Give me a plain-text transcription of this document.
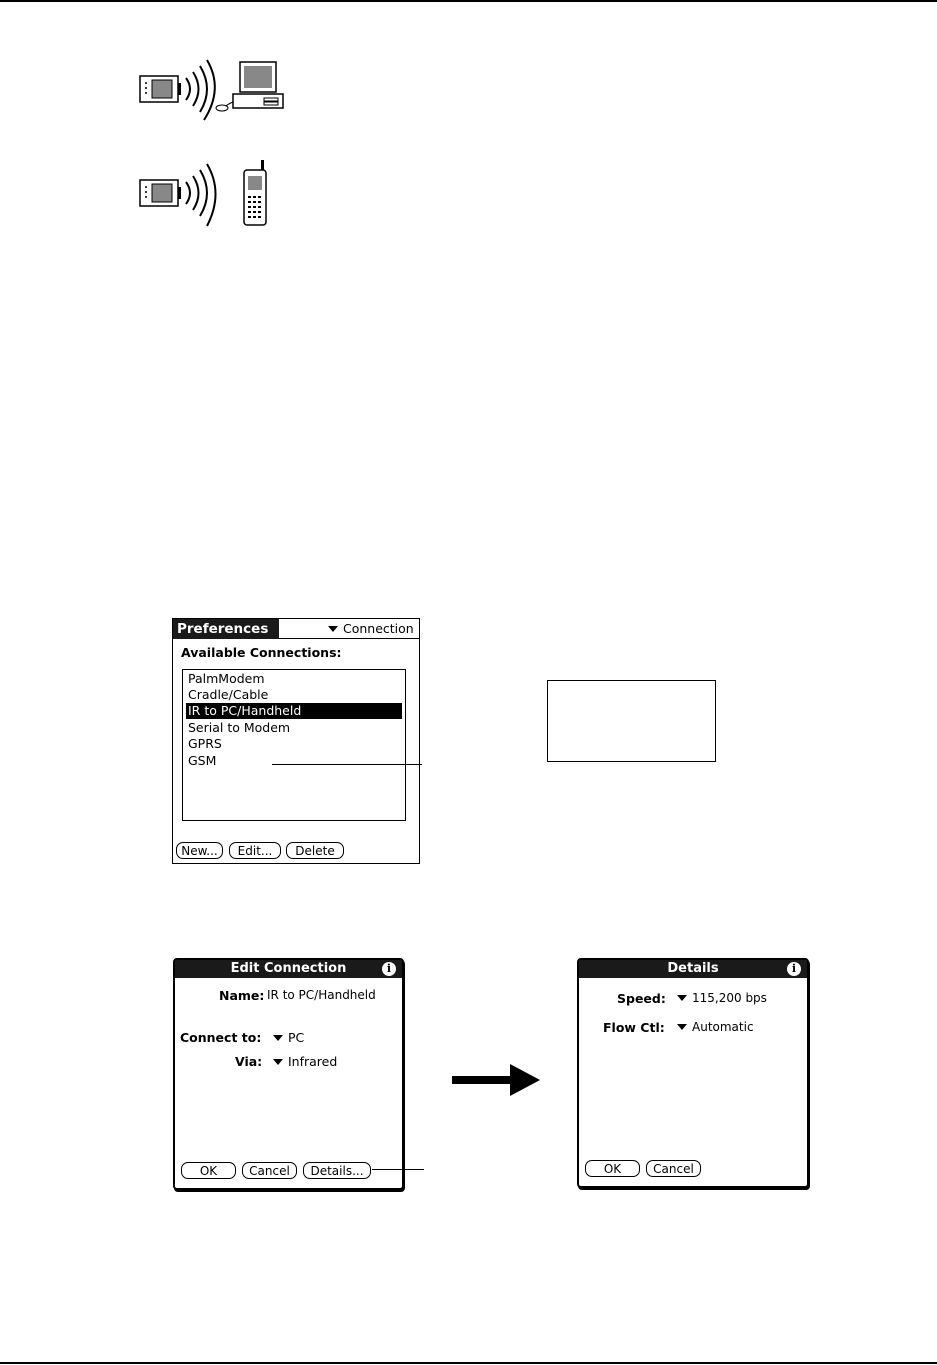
Preferences	Connection
Available Connections:
PalmModem
Cradle/Cable
IR to PC/Handheld
Serial to Modem
GPRS
GSM
New...	Edit...	Delete
Edit Connection	i
Name: IR to PC/Handheld
Connect to:	PC
Via:	Infrared
OK	Cancel	Details...
Details	i
Speed:	115,200 bps
Flow Ctl:	Automatic
OK	Cancel
